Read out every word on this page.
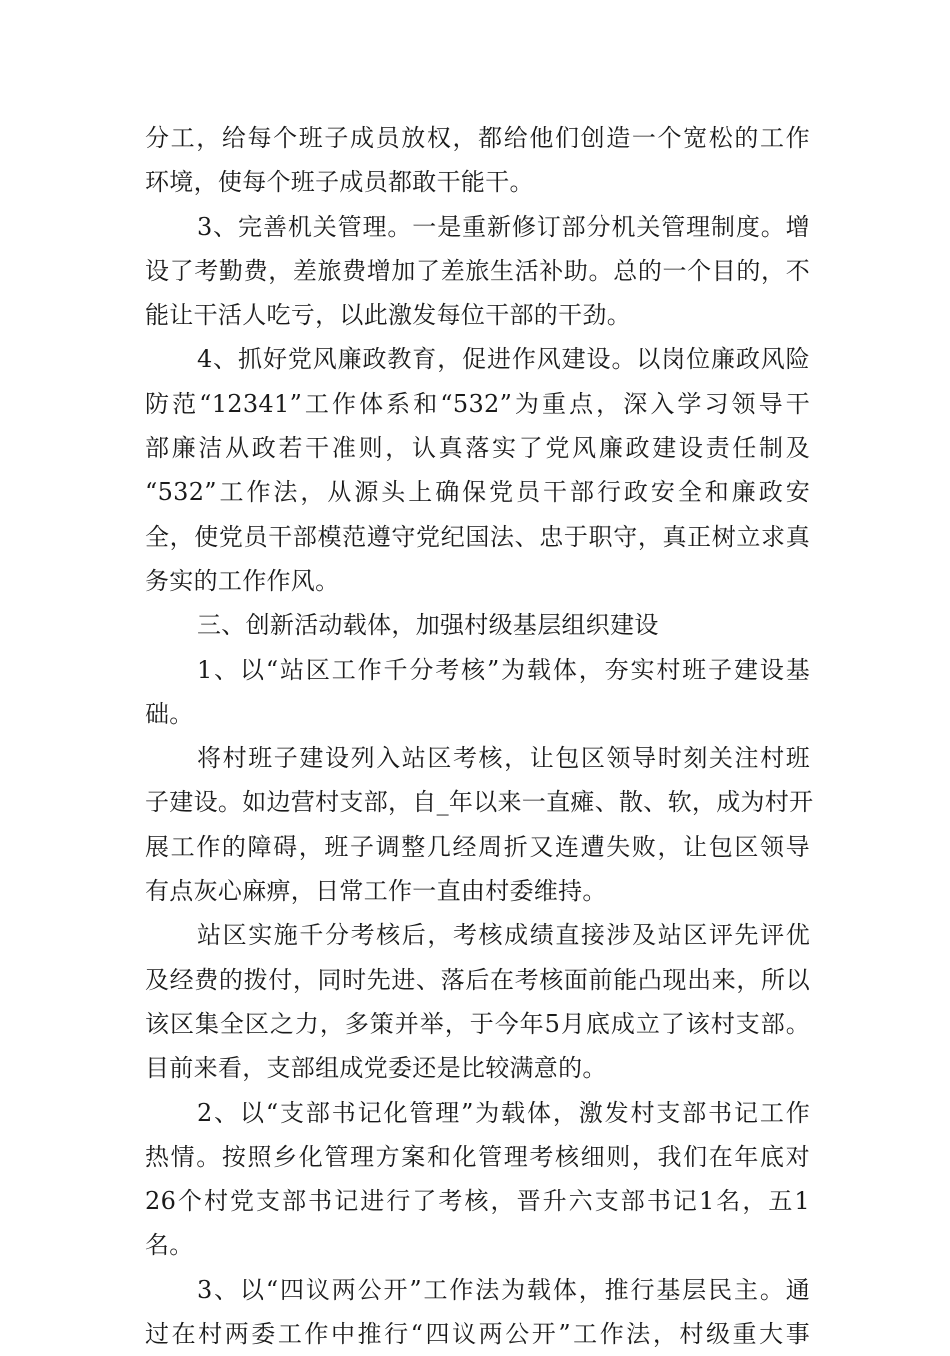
分工，给每个班子成员放权，都给他们创造一个宽松的工作
环境，使每个班子成员都敢干能干。
3、完善机关管理。一是重新修订部分机关管理制度。增
设了考勤费，差旅费增加了差旅生活补助。总的一个目的，不
能让干活人吃亏，以此激发每位干部的干劲。
4、抓好党风廉政教育，促进作风建设。以岗位廉政风险
防范“12341”工作体系和“532”为重点，深入学习领导干
部廉洁从政若干准则，认真落实了党风廉政建设责任制及
“532”工作法，从源头上确保党员干部行政安全和廉政安
全，使党员干部模范遵守党纪国法、忠于职守，真正树立求真
务实的工作作风。
三、创新活动载体，加强村级基层组织建设
1、以“站区工作千分考核”为载体，夯实村班子建设基
础。
将村班子建设列入站区考核，让包区领导时刻关注村班
子建设。如边营村支部，自_年以来一直瘫、散、软，成为村开
展工作的障碍，班子调整几经周折又连遭失败，让包区领导
有点灰心麻痹，日常工作一直由村委维持。
站区实施千分考核后，考核成绩直接涉及站区评先评优
及经费的拨付，同时先进、落后在考核面前能凸现出来，所以
该区集全区之力，多策并举，于今年5月底成立了该村支部。
目前来看，支部组成党委还是比较满意的。
2、以“支部书记化管理”为载体，激发村支部书记工作
热情。按照乡化管理方案和化管理考核细则，我们在年底对
26个村党支部书记进行了考核，晋升六支部书记1名，五1
名。
3、以“四议两公开”工作法为载体，推行基层民主。通
过在村两委工作中推行“四议两公开”工作法，村级重大事
